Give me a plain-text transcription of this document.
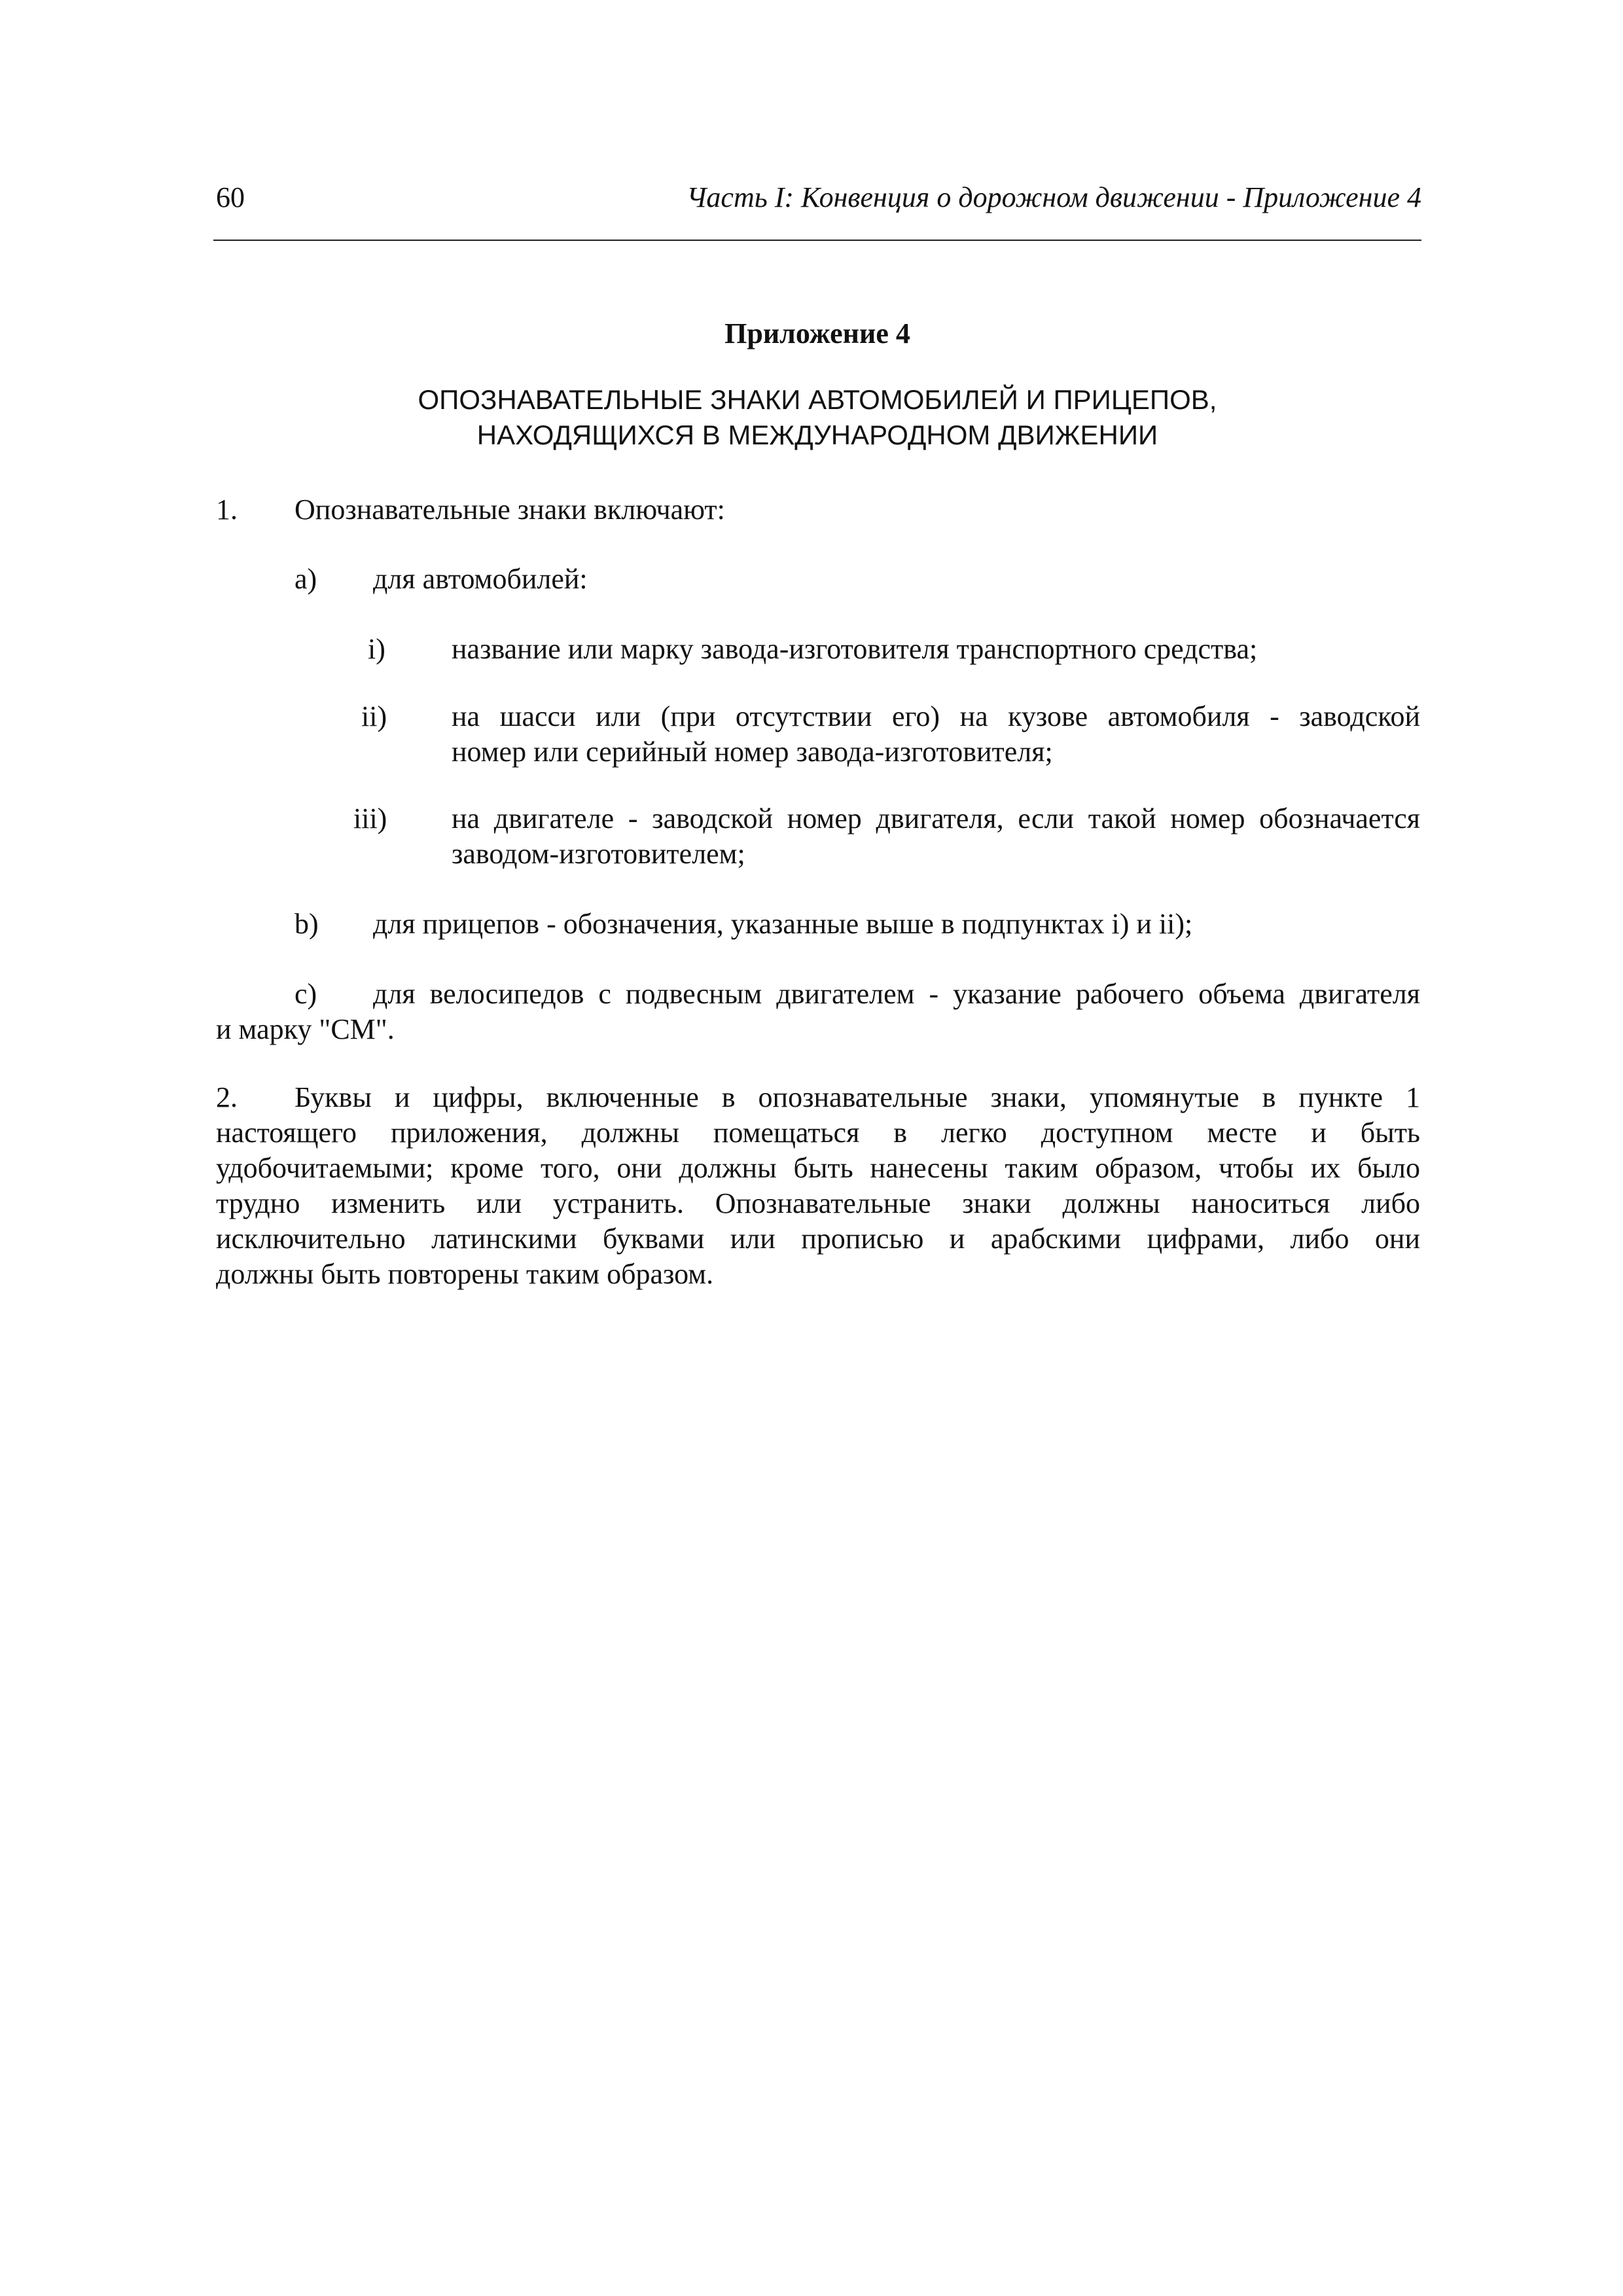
60	Часть I: Конвенция о дорожном движении - Приложение 4
Приложение 4
ОПОЗНАВАТЕЛЬНЫЕ ЗНАКИ АВТОМОБИЛЕЙ И ПРИЦЕПОВ,
НАХОДЯЩИХСЯ В МЕЖДУНАРОДНОМ ДВИЖЕНИИ
1. Опознавательные знаки включают:
a) для автомобилей:
i) название или марку завода-изготовителя транспортного средства;
ii) на шасси или (при отсутствии его) на кузове автомобиля - заводской
номер или серийный номер завода-изготовителя;
iii) на двигателе - заводской номер двигателя, если такой номер обозначается
заводом-изготовителем;
b) для прицепов - обозначения, указанные выше в подпунктах i) и ii);
c)	для велосипедов с подвесным двигателем - указание рабочего объема двигателя
и марку "CM".
2.	Буквы и цифры, включенные в опознавательные знаки, упомянутые в пункте 1
настоящего приложения, должны помещаться в легко доступном месте и быть
удобочитаемыми; кроме того, они должны быть нанесены таким образом, чтобы их было
трудно изменить или устранить. Опознавательные знаки должны наноситься либо
исключительно латинскими буквами или прописью и арабскими цифрами, либо они
должны быть повторены таким образом.
